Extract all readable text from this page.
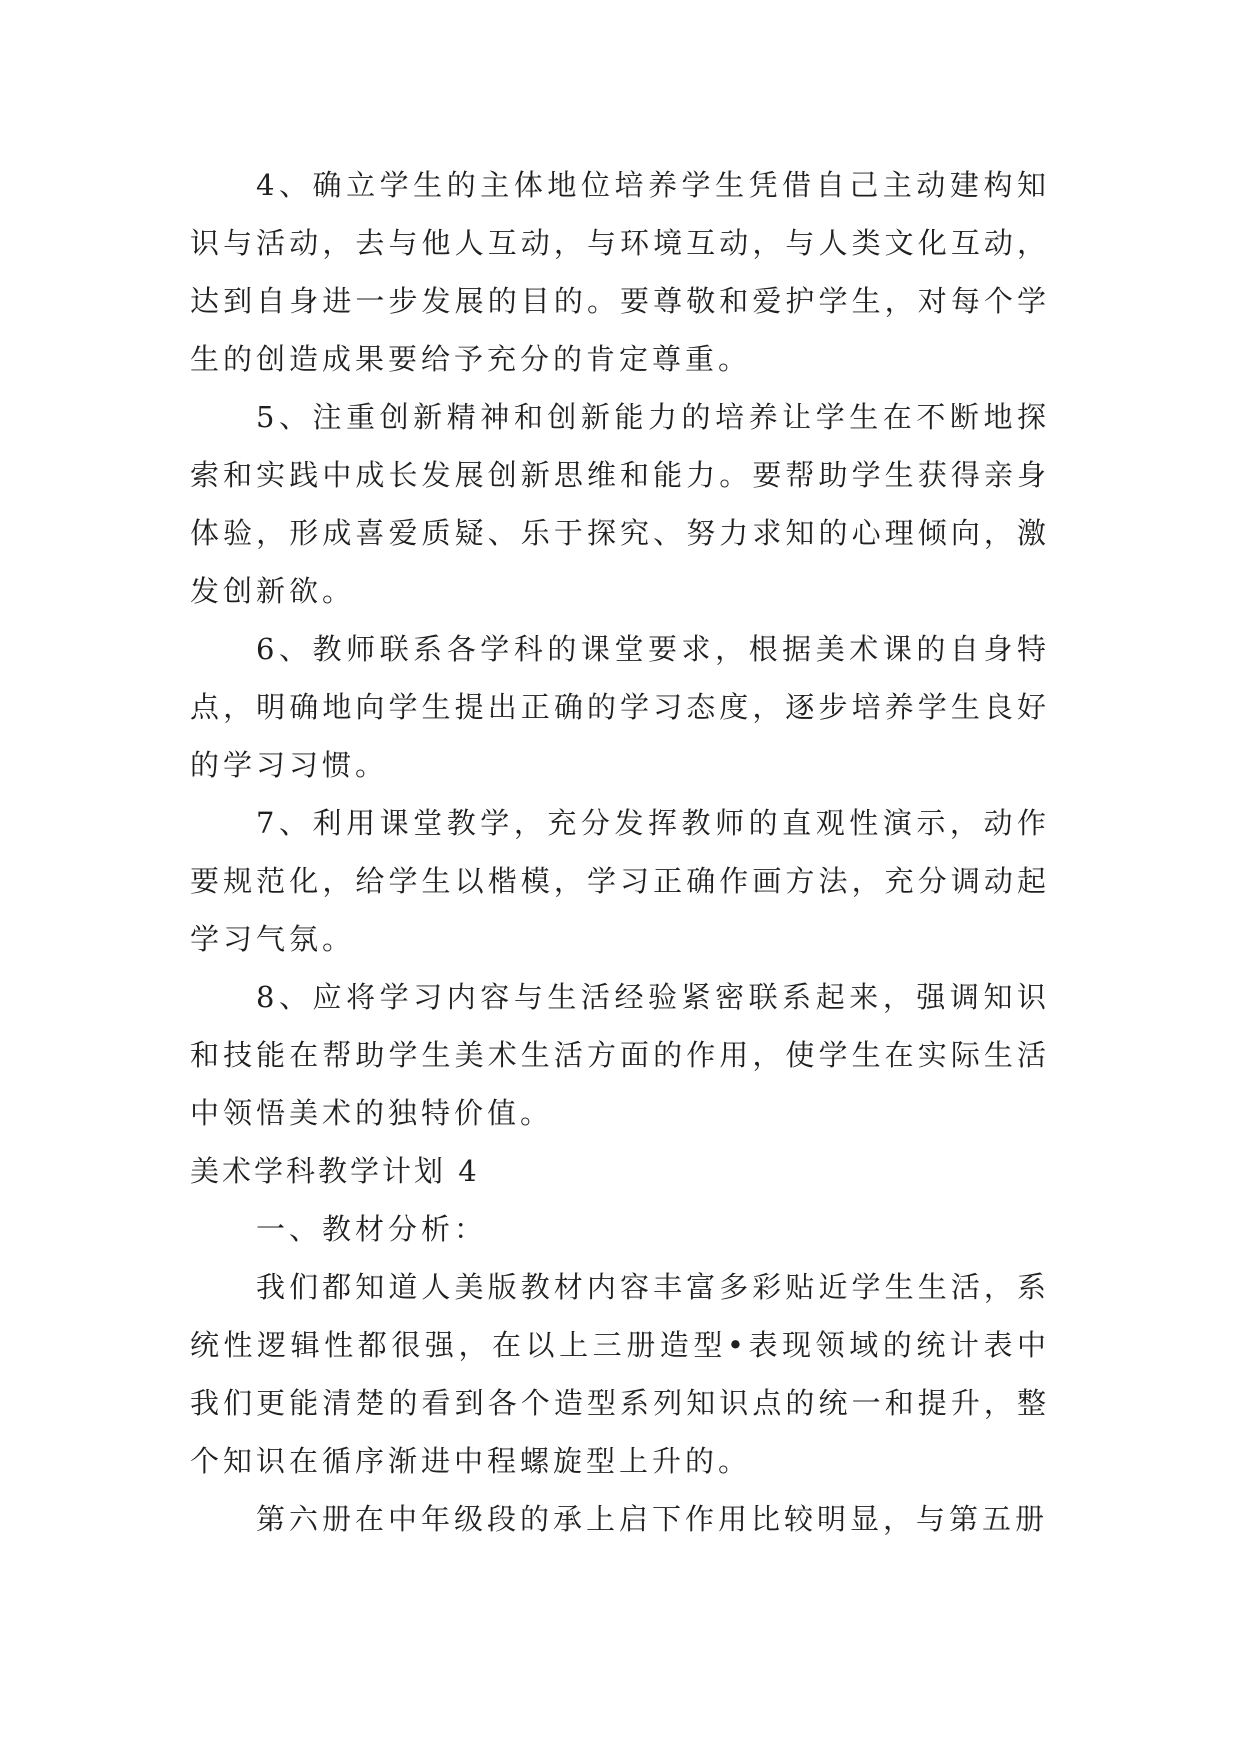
4、确立学生的主体地位培养学生凭借自己主动建构知识与活动，去与他人互动，与环境互动，与人类文化互动，达到自身进一步发展的目的。要尊敬和爱护学生，对每个学生的创造成果要给予充分的肯定尊重。

5、注重创新精神和创新能力的培养让学生在不断地探索和实践中成长发展创新思维和能力。要帮助学生获得亲身体验，形成喜爱质疑、乐于探究、努力求知的心理倾向，激发创新欲。

6、教师联系各学科的课堂要求，根据美术课的自身特点，明确地向学生提出正确的学习态度，逐步培养学生良好的学习习惯。

7、利用课堂教学，充分发挥教师的直观性演示，动作要规范化，给学生以楷模，学习正确作画方法，充分调动起学习气氛。

8、应将学习内容与生活经验紧密联系起来，强调知识和技能在帮助学生美术生活方面的作用，使学生在实际生活中领悟美术的独特价值。

美术学科教学计划 4

一、教材分析：

我们都知道人美版教材内容丰富多彩贴近学生生活，系统性逻辑性都很强，在以上三册造型•表现领域的统计表中我们更能清楚的看到各个造型系列知识点的统一和提升，整个知识在循序渐进中程螺旋型上升的。

第六册在中年级段的承上启下作用比较明显，与第五册
